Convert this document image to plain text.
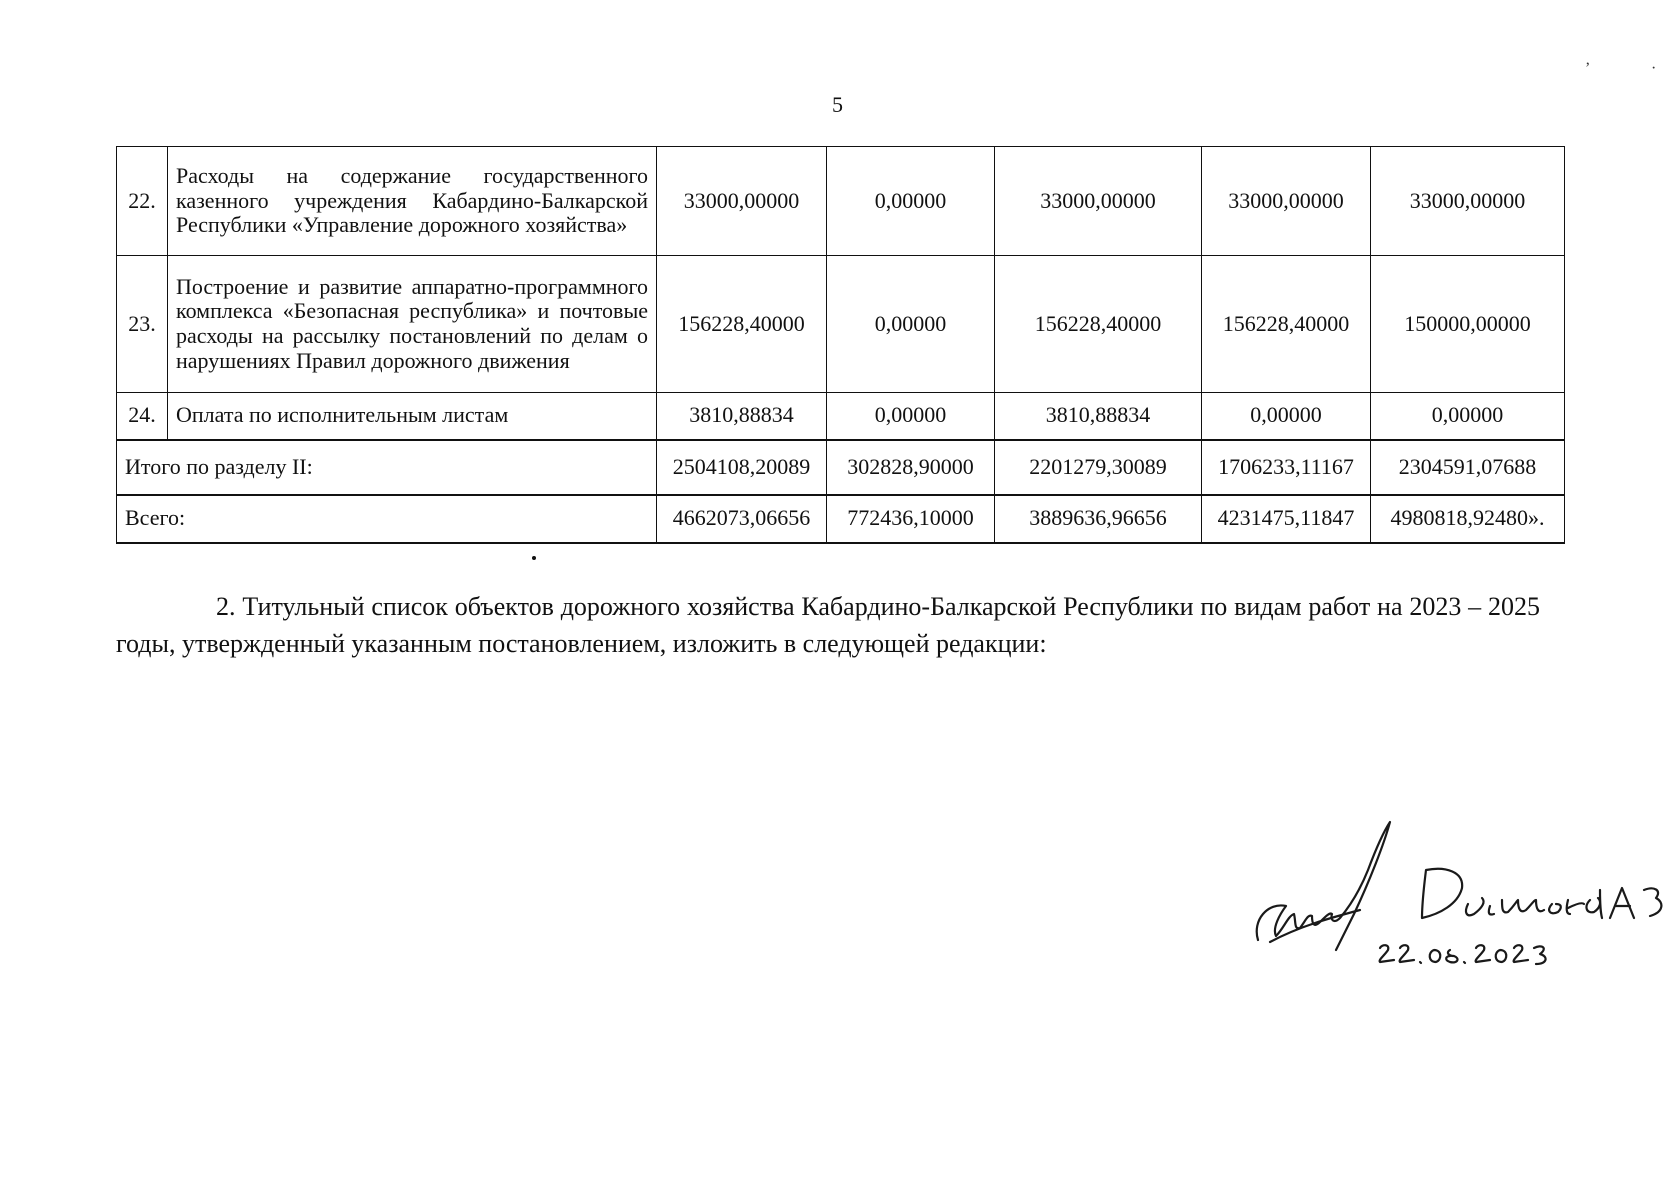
5
’	·
22.	Расходы на содержание государственного казенного учреждения Кабардино-Балкарской Республики «Управление дорожного хозяйства»	33000,00000	0,00000	33000,00000	33000,00000	33000,00000
23.	Построение и развитие аппаратно-программного комплекса «Безопасная республика» и почтовые расходы на рассылку постановлений по делам о нарушениях Правил дорожного движения	156228,40000	0,00000	156228,40000	156228,40000	150000,00000
24.	Оплата по исполнительным листам	3810,88834	0,00000	3810,88834	0,00000	0,00000
Итого по разделу II:		2504108,20089	302828,90000	2201279,30089	1706233,11167	2304591,07688
Всего:		4662073,06656	772436,10000	3889636,96656	4231475,11847	4980818,92480».

2. Титульный список объектов дорожного хозяйства Кабардино-Балкарской Республики по видам работ на 2023 – 2025 годы, утвержденный указанным постановлением, изложить в следующей редакции:
